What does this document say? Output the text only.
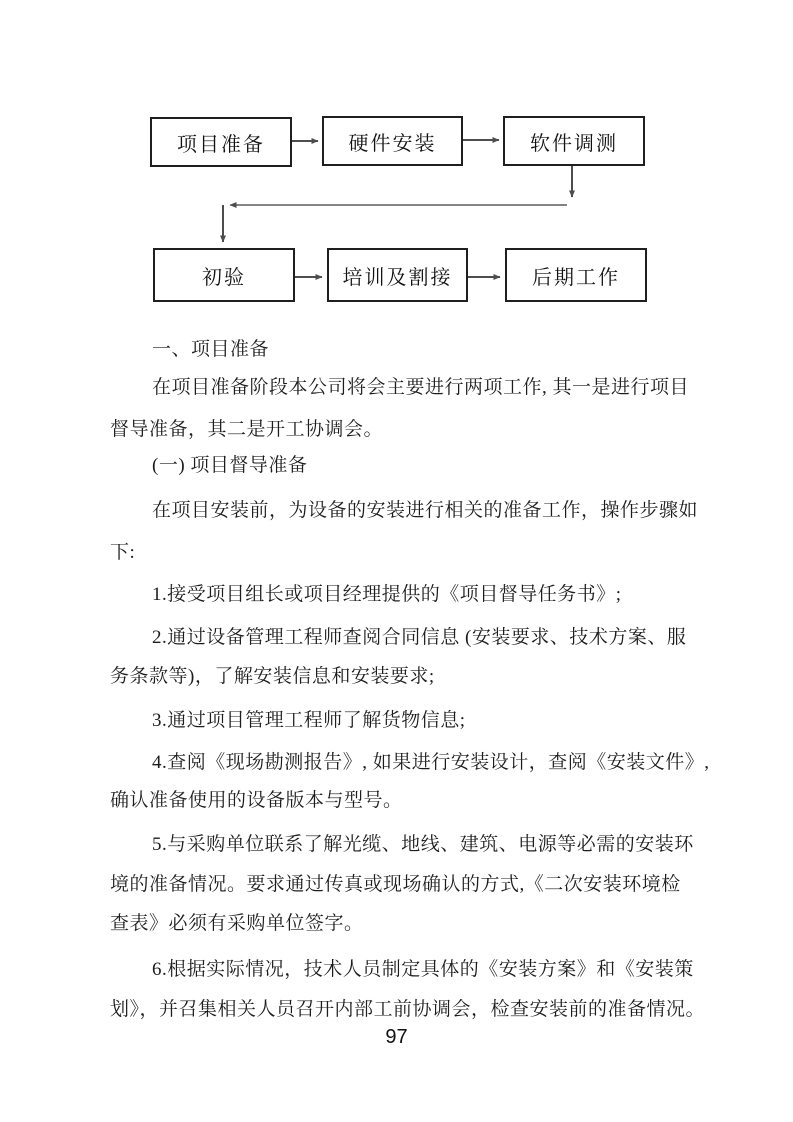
项目准备	硬件安装	软件调测
初验	培训及割接	后期工作
一、项目准备
在项目准备阶段本公司将会主要进行两项工作, 其一是进行项目
督导准备，其二是开工协调会。
(一) 项目督导准备
在项目安装前，为设备的安装进行相关的准备工作，操作步骤如
下:
1.接受项目组长或项目经理提供的《项目督导任务书》;
2.通过设备管理工程师查阅合同信息 (安装要求、技术方案、服
务条款等)，了解安装信息和安装要求;
3.通过项目管理工程师了解货物信息;
4.查阅《现场勘测报告》, 如果进行安装设计，查阅《安装文件》,
确认准备使用的设备版本与型号。
5.与采购单位联系了解光缆、地线、建筑、电源等必需的安装环
境的准备情况。要求通过传真或现场确认的方式,《二次安装环境检
查表》必须有采购单位签字。
6.根据实际情况，技术人员制定具体的《安装方案》和《安装策
划》，并召集相关人员召开内部工前协调会，检查安装前的准备情况。
97
